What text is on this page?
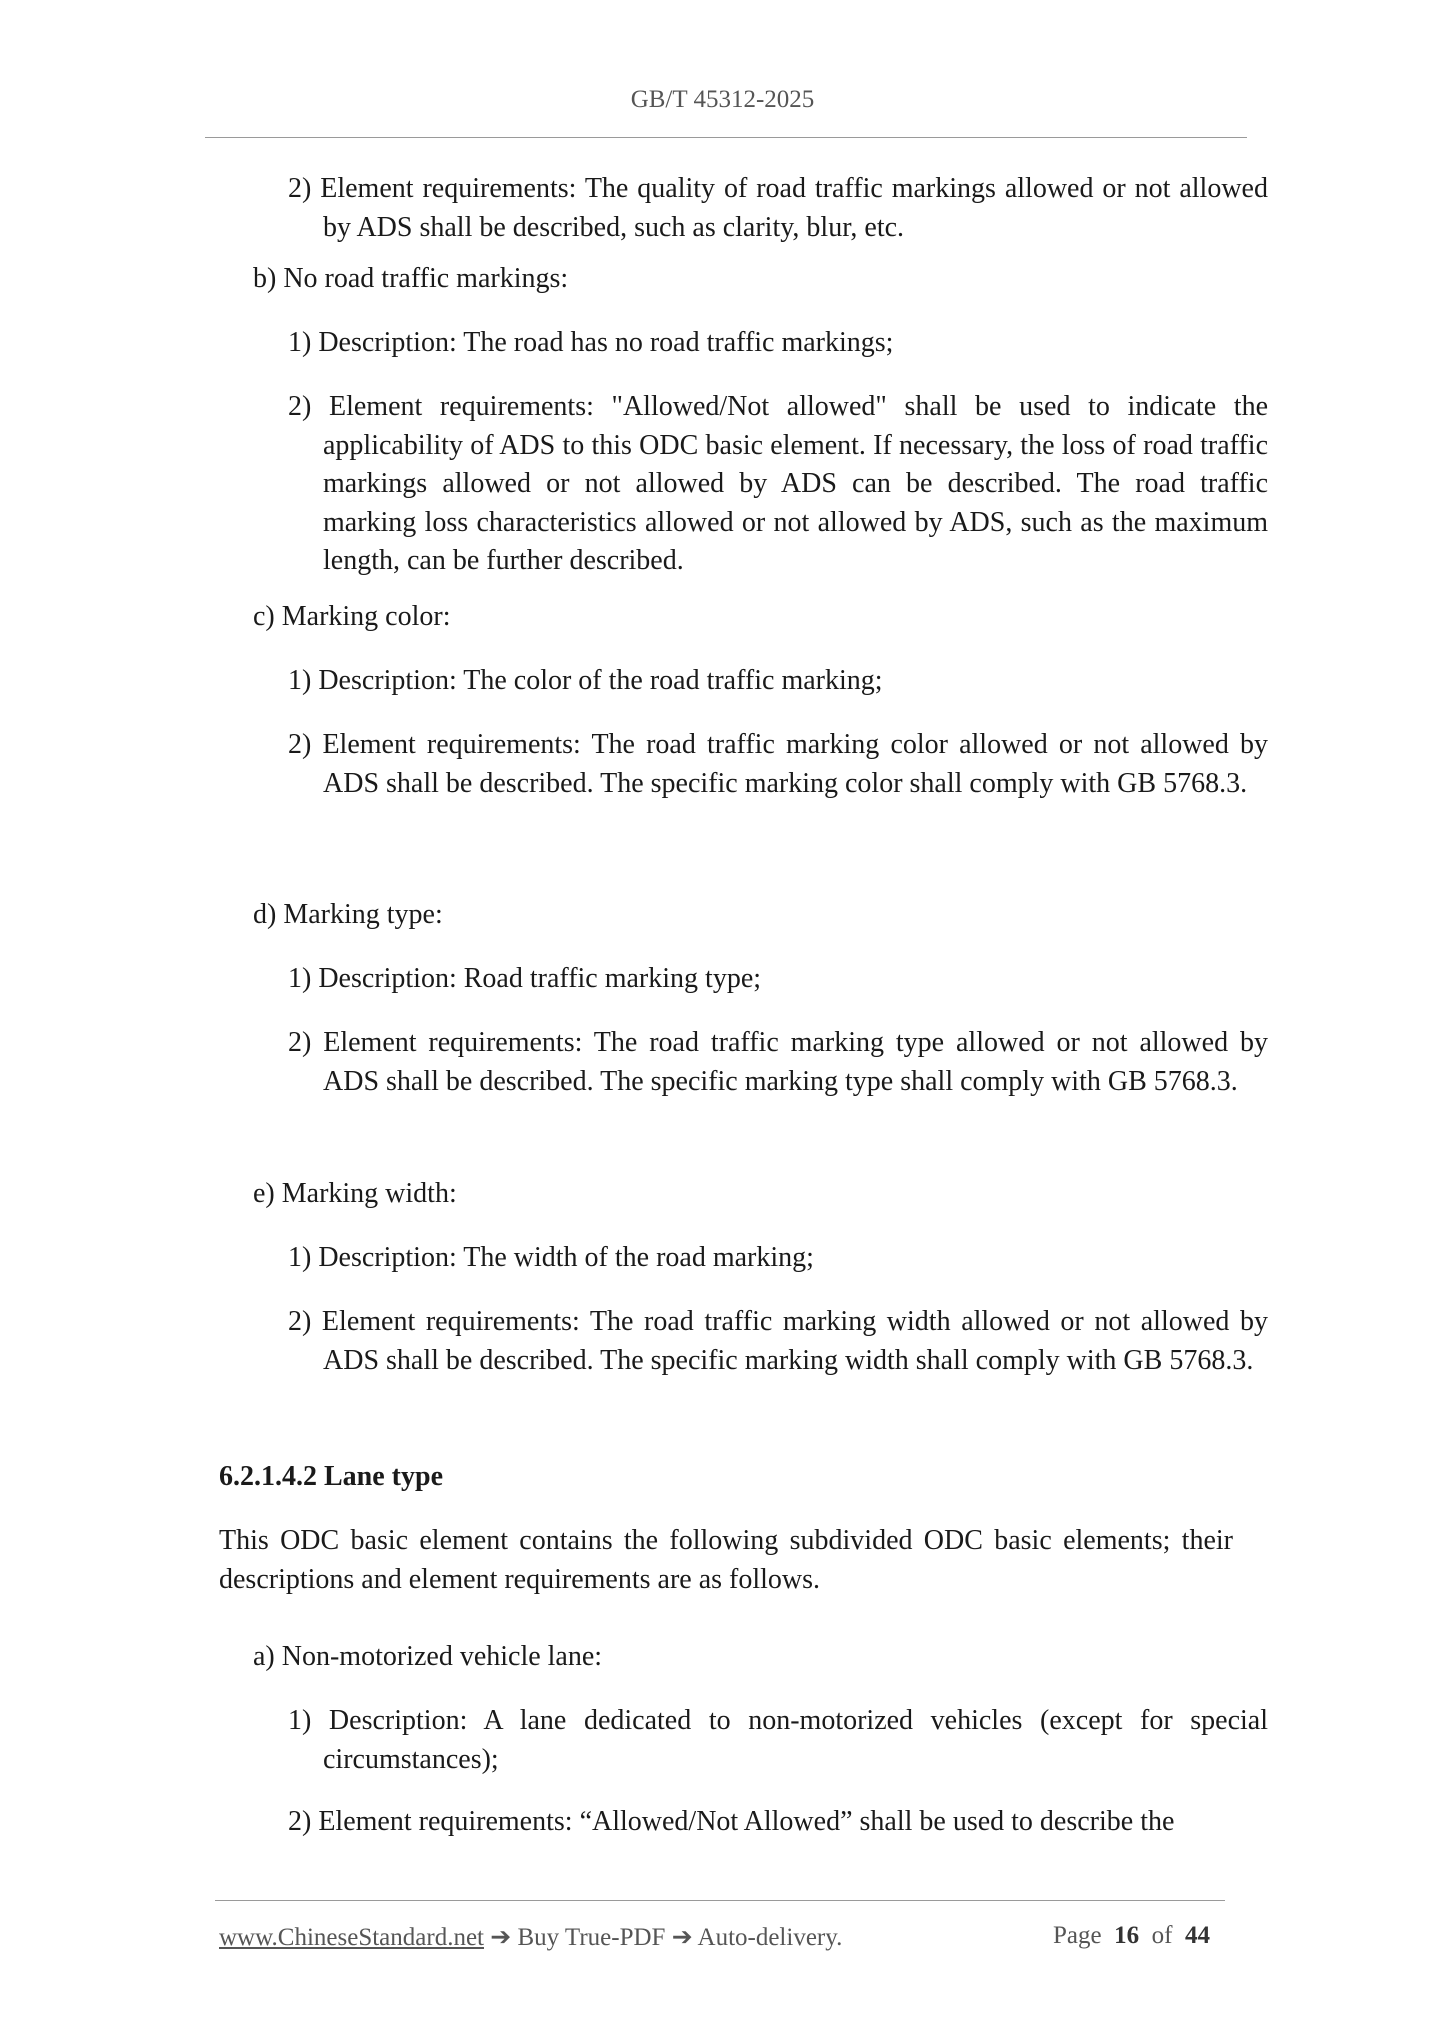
GB/T 45312-2025
2) Element requirements: The quality of road traffic markings allowed or not allowed by ADS shall be described, such as clarity, blur, etc.
b) No road traffic markings:
1) Description: The road has no road traffic markings;
2) Element requirements: "Allowed/Not allowed" shall be used to indicate the applicability of ADS to this ODC basic element. If necessary, the loss of road traffic markings allowed or not allowed by ADS can be described. The road traffic marking loss characteristics allowed or not allowed by ADS, such as the maximum length, can be further described.
c) Marking color:
1) Description: The color of the road traffic marking;
2) Element requirements: The road traffic marking color allowed or not allowed by ADS shall be described. The specific marking color shall comply with GB 5768.3.
d) Marking type:
1) Description: Road traffic marking type;
2) Element requirements: The road traffic marking type allowed or not allowed by ADS shall be described. The specific marking type shall comply with GB 5768.3.
e) Marking width:
1) Description: The width of the road marking;
2) Element requirements: The road traffic marking width allowed or not allowed by ADS shall be described. The specific marking width shall comply with GB 5768.3.
6.2.1.4.2 Lane type
This ODC basic element contains the following subdivided ODC basic elements; their descriptions and element requirements are as follows.
a) Non-motorized vehicle lane:
1) Description: A lane dedicated to non-motorized vehicles (except for special circumstances);
2) Element requirements: “Allowed/Not Allowed” shall be used to describe the
www.ChineseStandard.net ➔ Buy True-PDF ➔ Auto-delivery.	Page 16 of 44
